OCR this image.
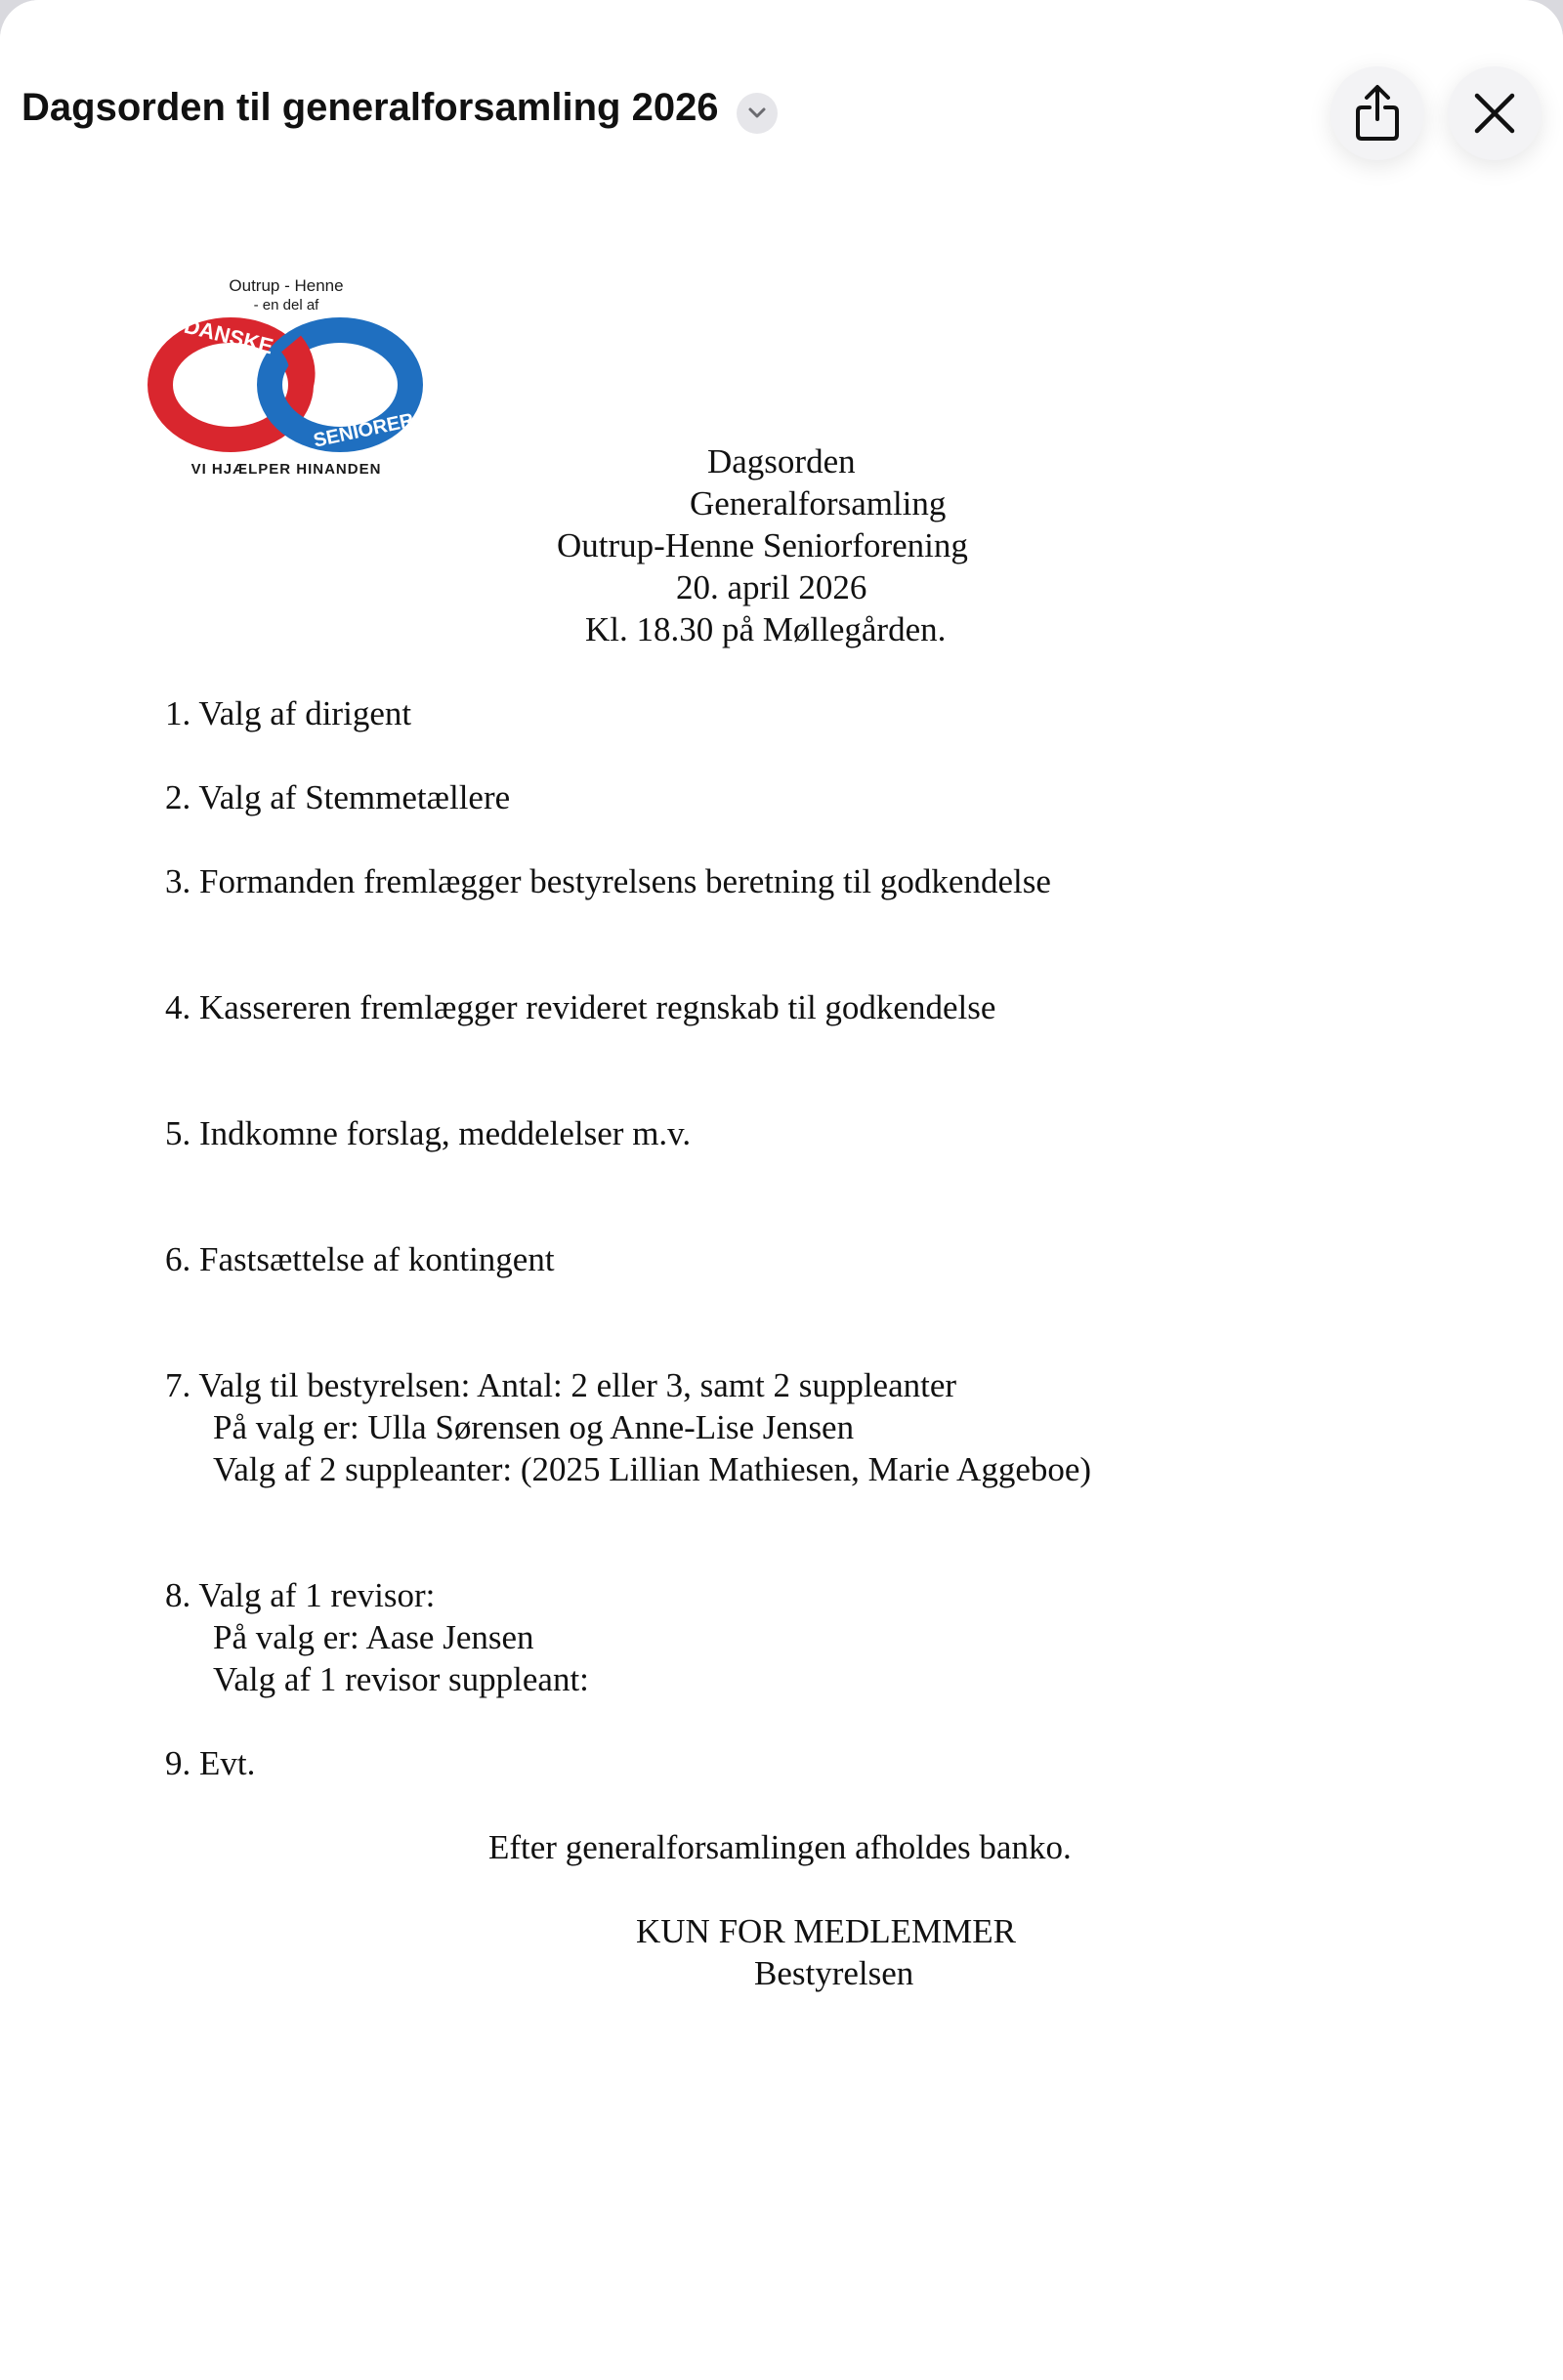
Dagsorden til generalforsamling 2026
Outrup - Henne
- en del af
DANSKE
SENIORER
VI HJÆLPER HINANDEN	Dagsorden
Generalforsamling
Outrup-Henne Seniorforening
20. april 2026
Kl. 18.30 på Møllegården.
1. Valg af dirigent
2. Valg af Stemmetællere
3. Formanden fremlægger bestyrelsens beretning til godkendelse
4. Kassereren fremlægger revideret regnskab til godkendelse
5. Indkomne forslag, meddelelser m.v.
6. Fastsættelse af kontingent
7. Valg til bestyrelsen: Antal: 2 eller 3, samt 2 suppleanter
På valg er: Ulla Sørensen og Anne-Lise Jensen
Valg af 2 suppleanter: (2025 Lillian Mathiesen, Marie Aggeboe)
8. Valg af 1 revisor:
På valg er: Aase Jensen
Valg af 1 revisor suppleant:
9. Evt.
Efter generalforsamlingen afholdes banko.
KUN FOR MEDLEMMER
Bestyrelsen
